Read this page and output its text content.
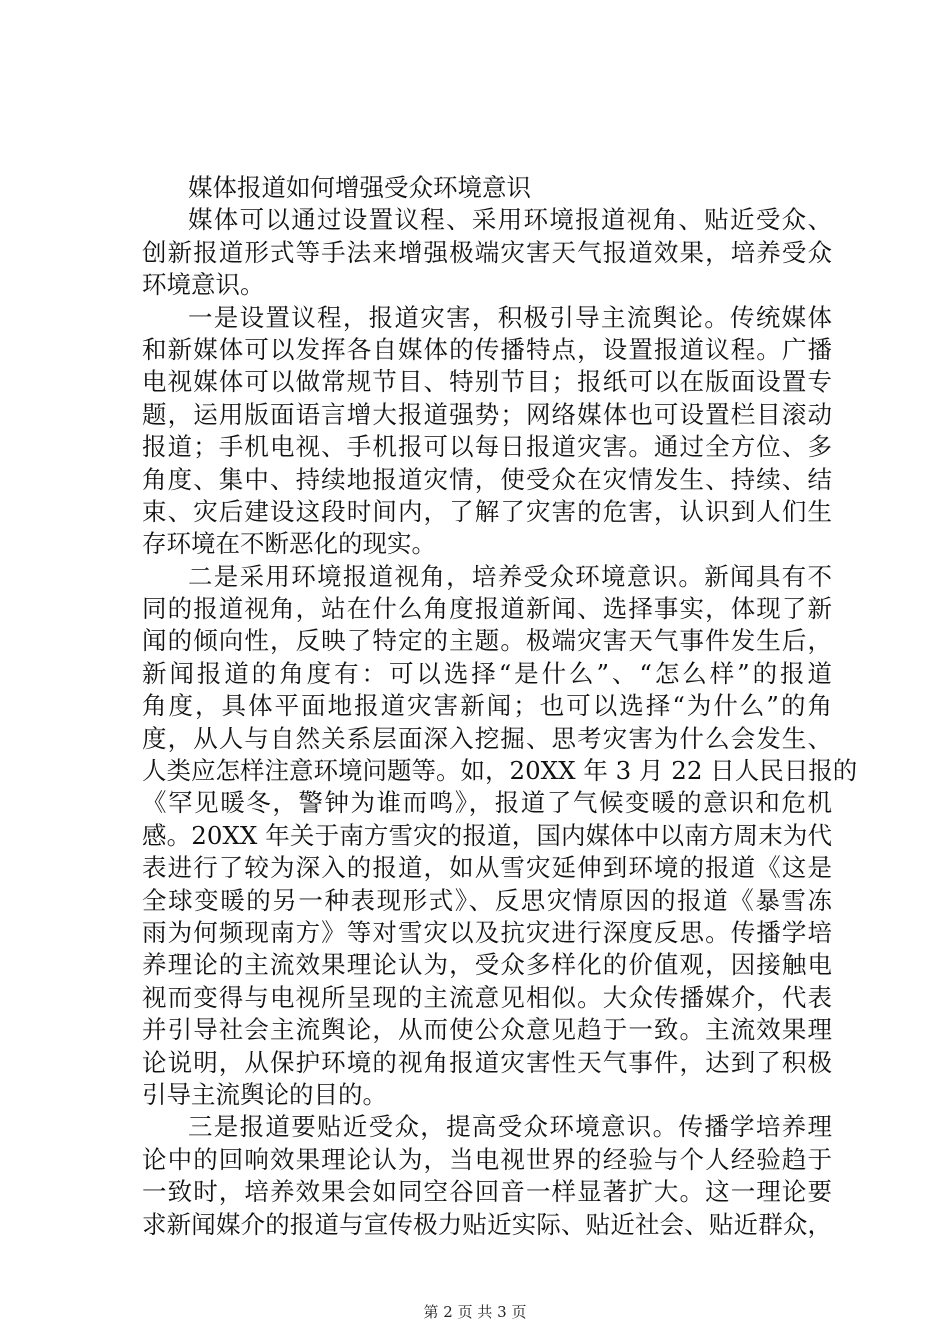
媒体报道如何增强受众环境意识
媒体可以通过设置议程、采用环境报道视角、贴近受众、
创新报道形式等手法来增强极端灾害天气报道效果，培养受众
环境意识。
一是设置议程，报道灾害，积极引导主流舆论。传统媒体
和新媒体可以发挥各自媒体的传播特点，设置报道议程。广播
电视媒体可以做常规节目、特别节目；报纸可以在版面设置专
题，运用版面语言增大报道强势；网络媒体也可设置栏目滚动
报道；手机电视、手机报可以每日报道灾害。通过全方位、多
角度、集中、持续地报道灾情，使受众在灾情发生、持续、结
束、灾后建设这段时间内，了解了灾害的危害，认识到人们生
存环境在不断恶化的现实。
二是采用环境报道视角，培养受众环境意识。新闻具有不
同的报道视角，站在什么角度报道新闻、选择事实，体现了新
闻的倾向性，反映了特定的主题。极端灾害天气事件发生后，
新闻报道的角度有：可以选择“是什么”、“怎么样”的报道
角度，具体平面地报道灾害新闻；也可以选择“为什么”的角
度，从人与自然关系层面深入挖掘、思考灾害为什么会发生、
人类应怎样注意环境问题等。如，20XX 年 3 月 22 日人民日报的
《罕见暖冬，警钟为谁而鸣》，报道了气候变暖的意识和危机
感。20XX 年关于南方雪灾的报道，国内媒体中以南方周末为代
表进行了较为深入的报道，如从雪灾延伸到环境的报道《这是
全球变暖的另一种表现形式》、反思灾情原因的报道《暴雪冻
雨为何频现南方》等对雪灾以及抗灾进行深度反思。传播学培
养理论的主流效果理论认为，受众多样化的价值观，因接触电
视而变得与电视所呈现的主流意见相似。大众传播媒介，代表
并引导社会主流舆论，从而使公众意见趋于一致。主流效果理
论说明，从保护环境的视角报道灾害性天气事件，达到了积极
引导主流舆论的目的。
三是报道要贴近受众，提高受众环境意识。传播学培养理
论中的回响效果理论认为，当电视世界的经验与个人经验趋于
一致时，培养效果会如同空谷回音一样显著扩大。这一理论要
求新闻媒介的报道与宣传极力贴近实际、贴近社会、贴近群众，
第 2 页 共 3 页
